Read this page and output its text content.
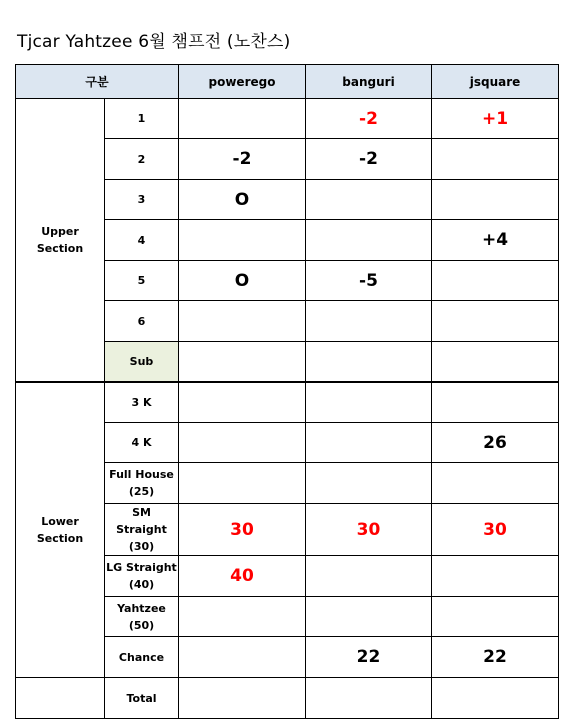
Tjcar Yahtzee 6월 챔프전 (노찬스)
구분		powerego	banguri	jsquare
Upper
Section	1		-2	+1
	2	-2	-2	
	3	O		
	4			+4
	5	O	-5	
	6			
	Sub			
Lower
Section	3 K			
	4 K			26
	Full House
(25)			
	SM Straight
(30)	30	30	30
	LG Straight
(40)	40		
	Yahtzee
(50)			
	Chance		22	22
	Total			
